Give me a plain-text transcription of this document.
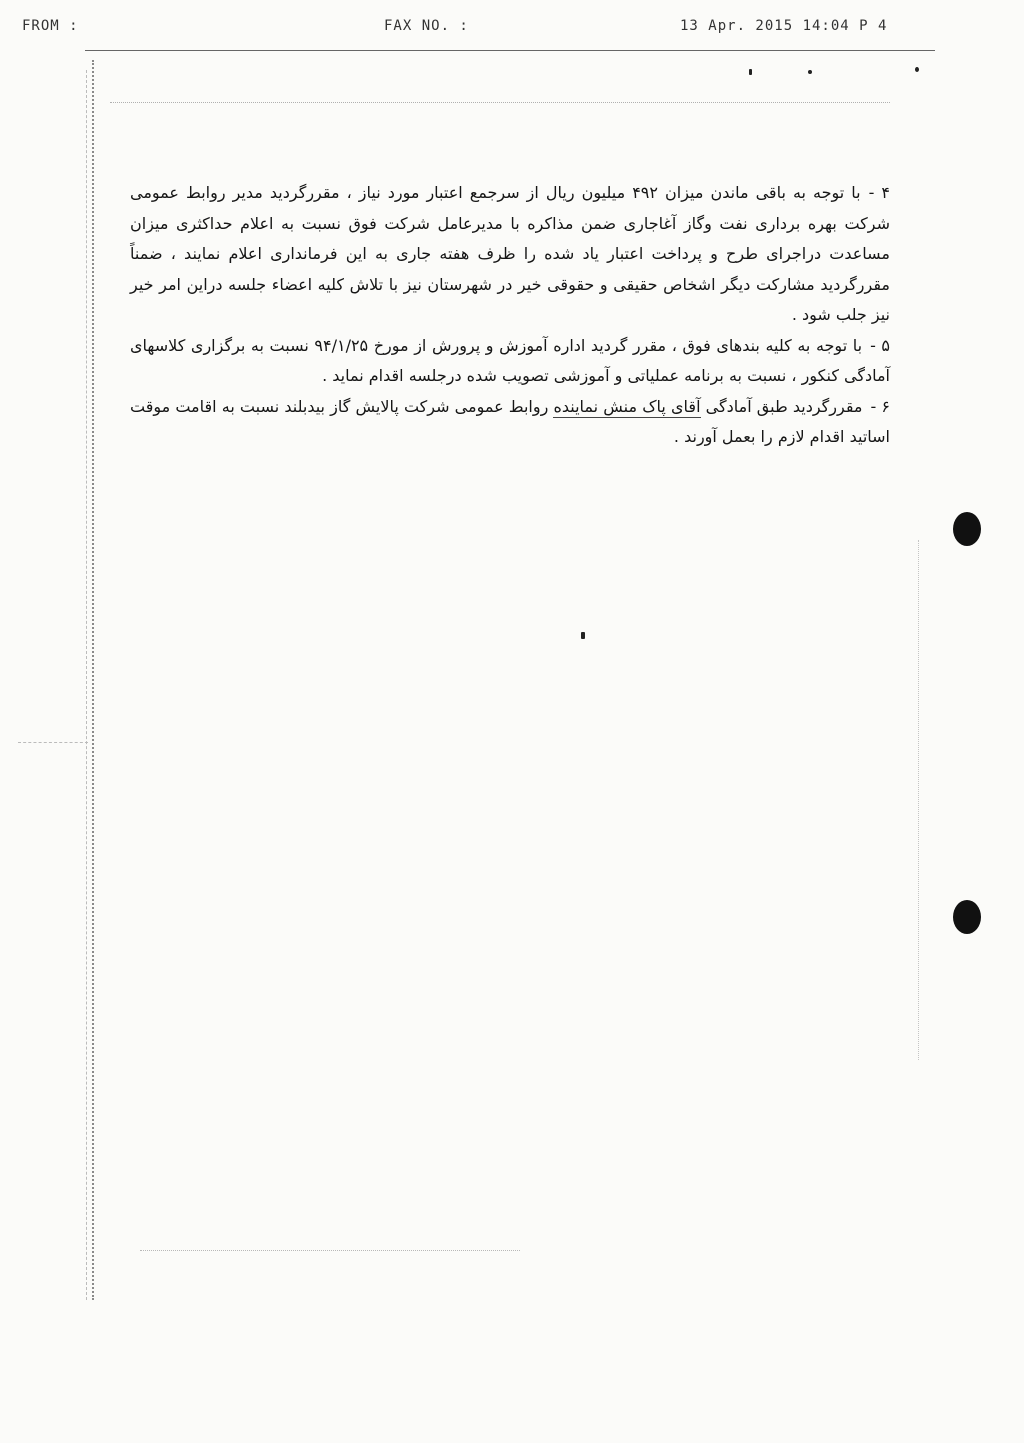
FROM :	FAX NO. :	13 Apr. 2015 14:04 P 4

۴ -با توجه به باقی ماندن میزان ۴۹۲ میلیون ریال از سرجمع اعتبار مورد نیاز ، مقررگردید مدیر روابط عمومی شرکت بهره برداری نفت وگاز آغاجاری ضمن مذاکره با مدیرعامل شرکت فوق نسبت به اعلام حداکثری میزان مساعدت دراجرای طرح و پرداخت اعتبار یاد شده را ظرف هفته جاری به این فرمانداری اعلام نمایند ، ضمناً مقررگردید مشارکت دیگر اشخاص حقیقی و حقوقی خیر در شهرستان نیز با تلاش کلیه اعضاء جلسه دراین امر خیر نیز جلب شود .

۵ -با توجه به کلیه بندهای فوق ، مقرر گردید اداره آموزش و پرورش از مورخ ۹۴/۱/۲۵ نسبت به برگزاری کلاسهای آمادگی کنکور ، نسبت به برنامه عملیاتی و آموزشی تصویب شده درجلسه اقدام نماید .

۶ -مقررگردید طبق آمادگی آقای پاک منش نماینده روابط عمومی شرکت پالایش گاز بیدبلند نسبت به اقامت موقت اساتید اقدام لازم را بعمل آورند .
